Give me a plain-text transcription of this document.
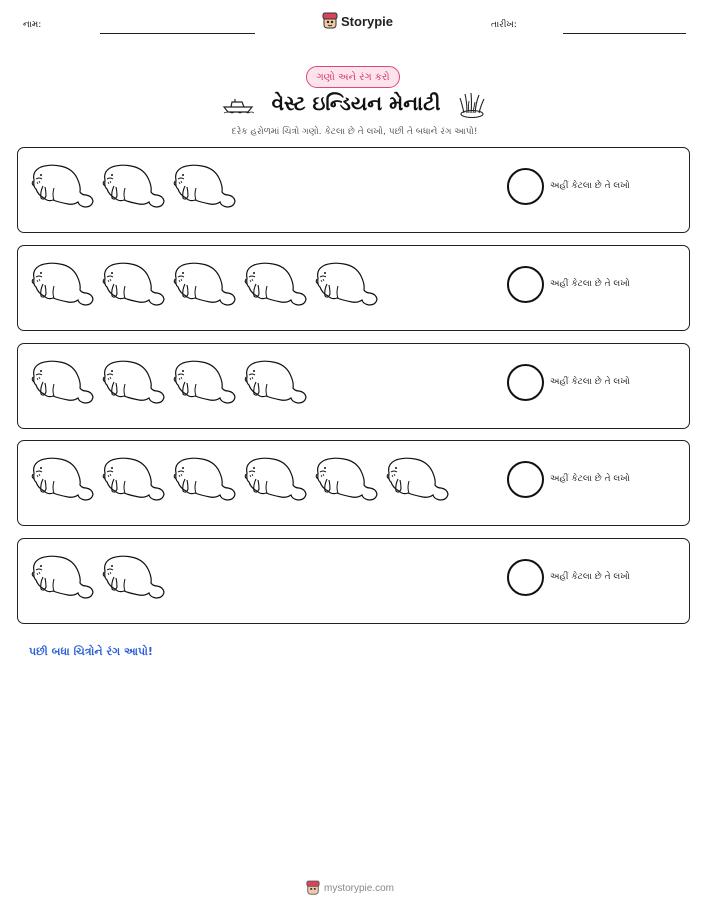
નામ:	Storypie	તારીખ:
ગણો અને રંગ કરો
વેસ્ટ ઇન્ડિયન મેનાટી
દરેક હરોળમાં ચિત્રો ગણો. કેટલા છે તે લખો, પછી તે બધાને રંગ આપો!
અહીં કેટલા છે તે લખો
અહીં કેટલા છે તે લખો
અહીં કેટલા છે તે લખો
અહીં કેટલા છે તે લખો
અહીં કેટલા છે તે લખો
પછી બધા ચિત્રોને રંગ આપો!
mystorypie.com
